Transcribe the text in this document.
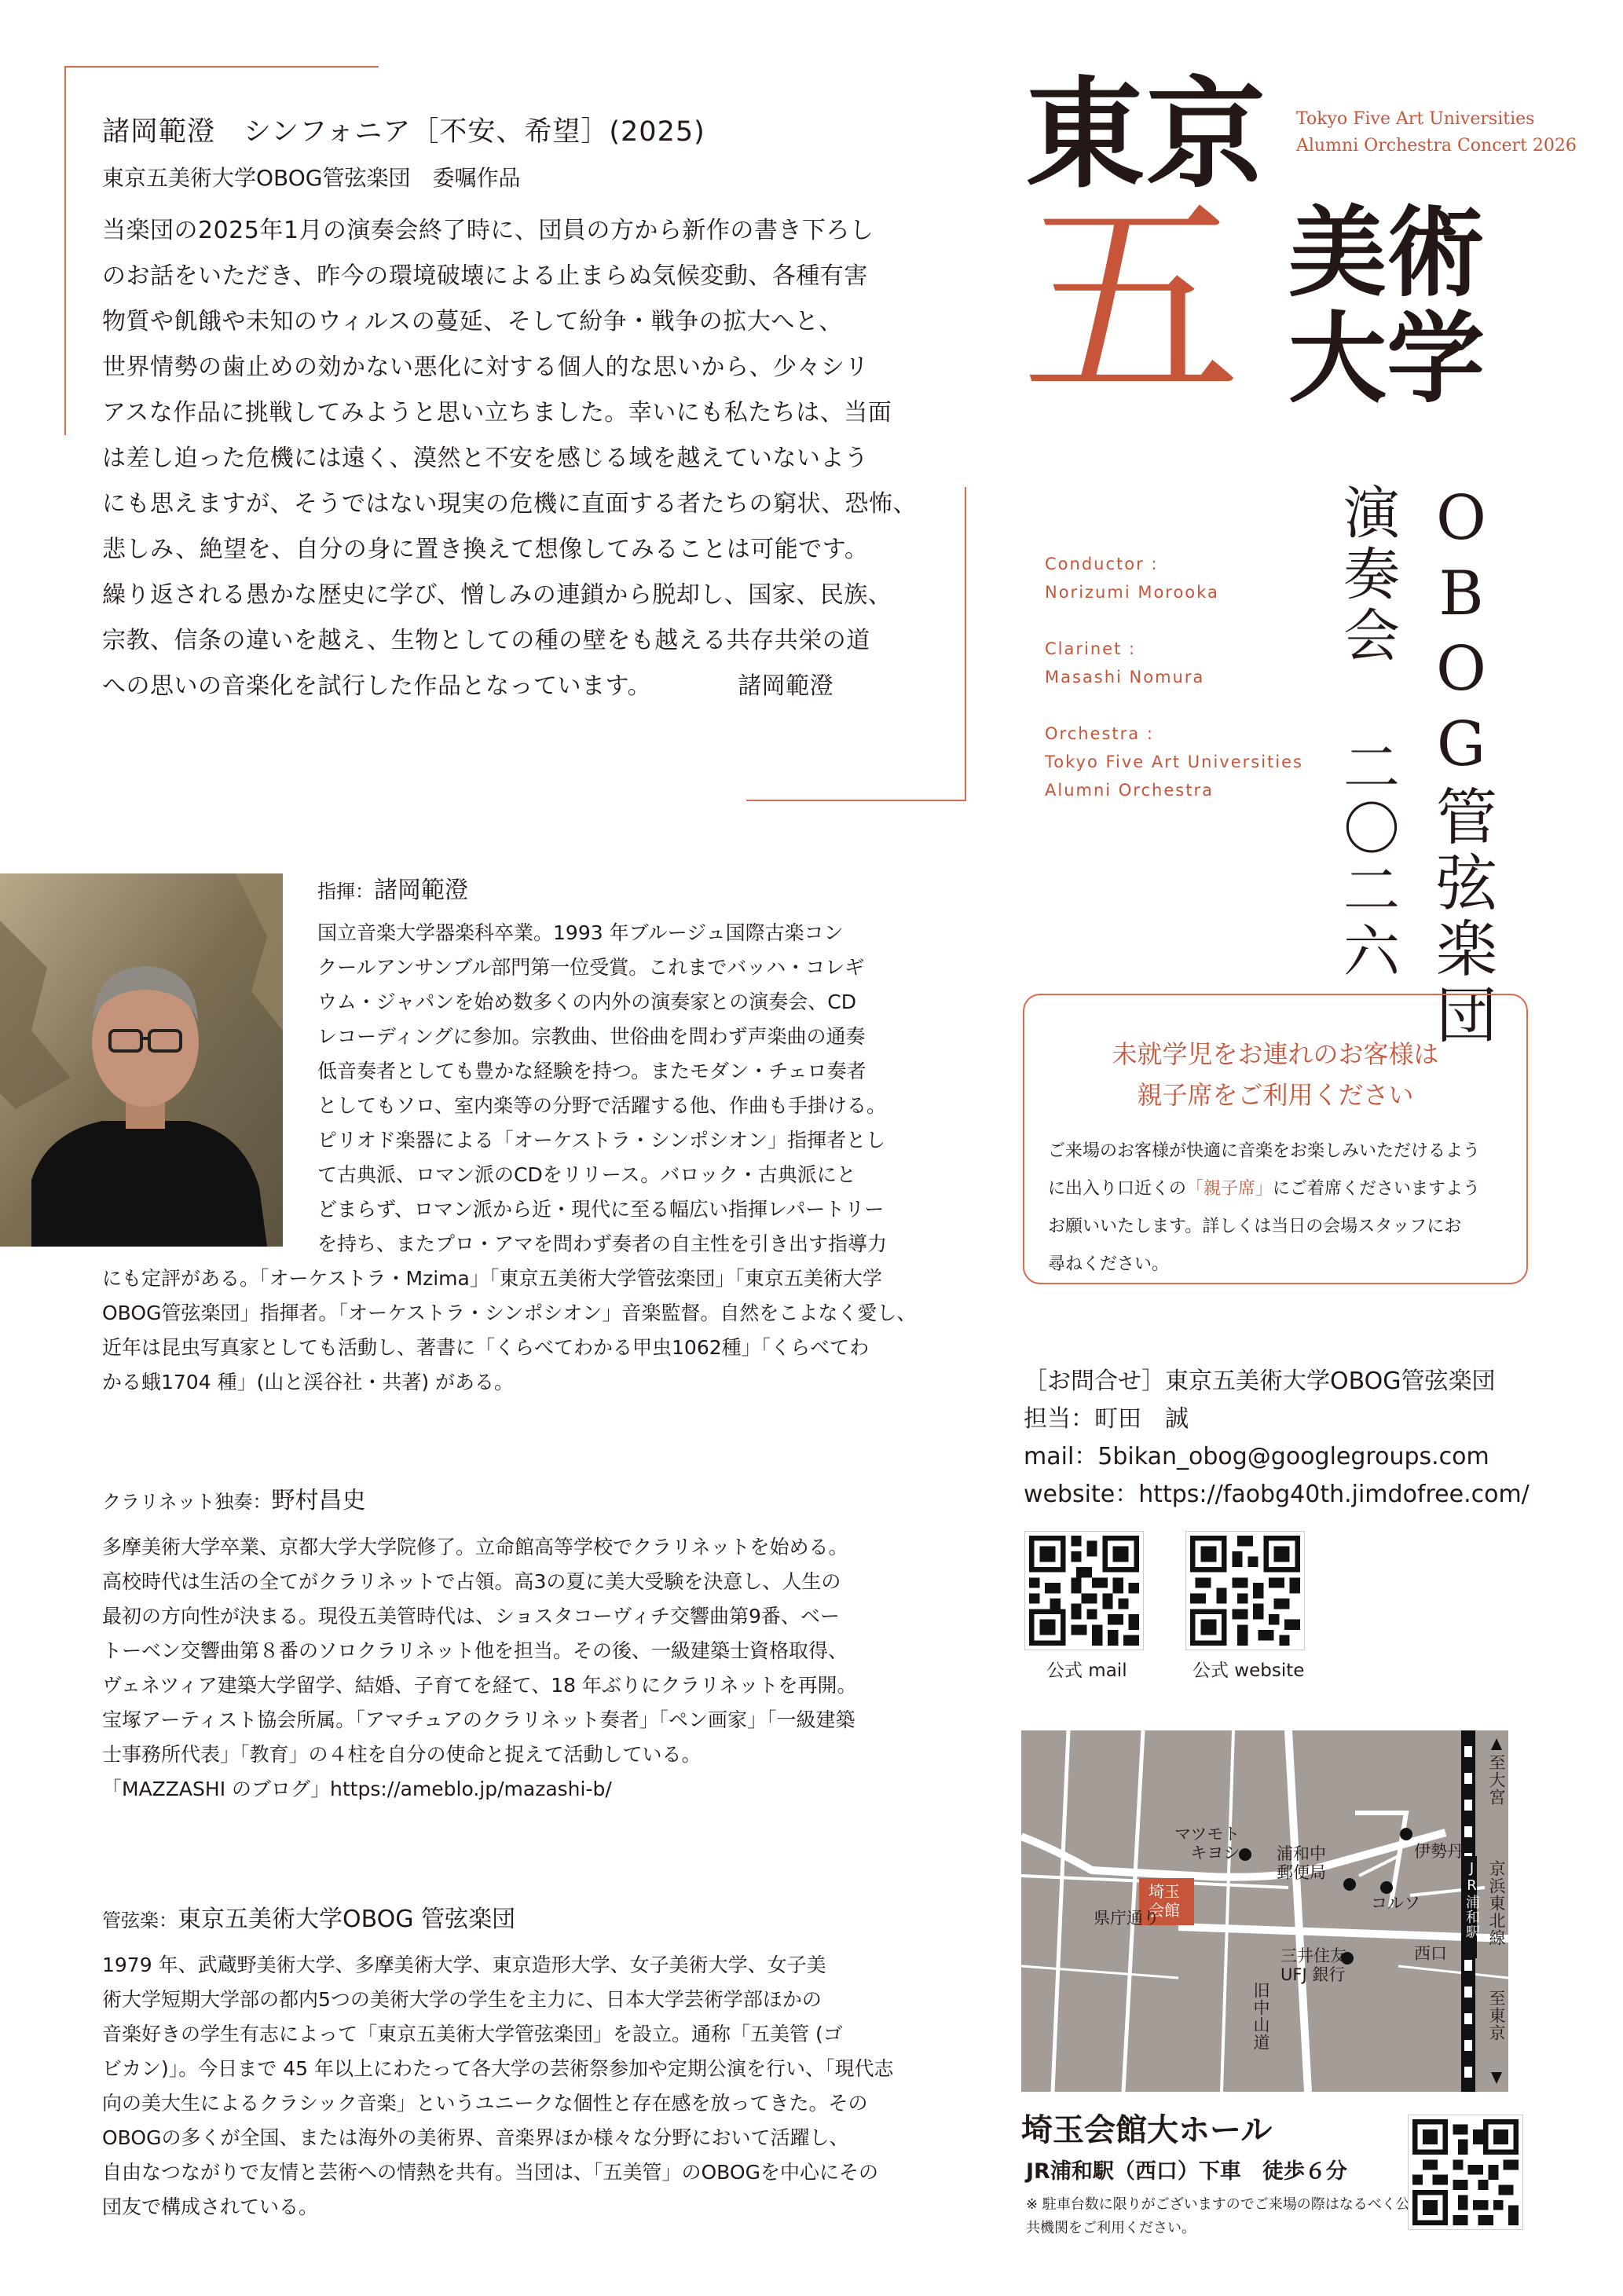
諸岡範澄　シンフォニア［不安、希望］(2025)
東京五美術大学OBOG管弦楽団　委嘱作品

当楽団の2025年1月の演奏会終了時に、団員の方から新作の書き下ろし

のお話をいただき、昨今の環境破壊による止まらぬ気候変動、各種有害

物質や飢餓や未知のウィルスの蔓延、そして紛争・戦争の拡大へと、

世界情勢の歯止めの効かない悪化に対する個人的な思いから、少々シリ

アスな作品に挑戦してみようと思い立ちました。幸いにも私たちは、当面

は差し迫った危機には遠く、漠然と不安を感じる域を越えていないよう

にも思えますが、そうではない現実の危機に直面する者たちの窮状、恐怖、

悲しみ、絶望を、自分の身に置き換えて想像してみることは可能です。

繰り返される愚かな歴史に学び、憎しみの連鎖から脱却し、国家、民族、

宗教、信条の違いを越え、生物としての種の壁をも越える共存共栄の道

への思いの音楽化を試行した作品となっています。	諸岡範澄

東京 Tokyo Five Art Universities
Alumni Orchestra Concert 2026
五 美術
大学
OBOG管弦楽団
演奏会 二〇二六
Conductor :
Norizumi Morooka
Clarinet :
Masashi Nomura
Orchestra :
Tokyo Five Art Universities
Alumni Orchestra
未就学児をお連れのお客様は
親子席をご利用ください
ご来場のお客様が快適に音楽をお楽しみいただけるよう
に出入り口近くの「親子席」にご着席くださいますよう
お願いいたします。詳しくは当日の会場スタッフにお
尋ねください。
指揮：諸岡範澄

国立音楽大学器楽科卒業。1993 年ブルージュ国際古楽コン

クールアンサンブル部門第一位受賞。これまでバッハ・コレギ

ウム・ジャパンを始め数多くの内外の演奏家との演奏会、CD

レコーディングに参加。宗教曲、世俗曲を問わず声楽曲の通奏

低音奏者としても豊かな経験を持つ。またモダン・チェロ奏者

としてもソロ、室内楽等の分野で活躍する他、作曲も手掛ける。

ピリオド楽器による「オーケストラ・シンポシオン」指揮者とし

て古典派、ロマン派のCDをリリース。バロック・古典派にと

どまらず、ロマン派から近・現代に至る幅広い指揮レパートリー

を持ち、またプロ・アマを問わず奏者の自主性を引き出す指導力

にも定評がある。「オーケストラ・Mzima」「東京五美術大学管弦楽団」「東京五美術大学

OBOG管弦楽団」指揮者。「オーケストラ・シンポシオン」音楽監督。自然をこよなく愛し、

近年は昆虫写真家としても活動し、著書に「くらべてわかる甲虫1062種」「くらべてわ

かる蛾1704 種」(山と渓谷社・共著) がある。

クラリネット独奏：野村昌史

多摩美術大学卒業、京都大学大学院修了。立命館高等学校でクラリネットを始める。

高校時代は生活の全てがクラリネットで占領。高3の夏に美大受験を決意し、人生の

最初の方向性が決まる。現役五美管時代は、ショスタコーヴィチ交響曲第9番、ベー

トーベン交響曲第８番のソロクラリネット他を担当。その後、一級建築士資格取得、

ヴェネツィア建築大学留学、結婚、子育てを経て、18 年ぶりにクラリネットを再開。

宝塚アーティスト協会所属。「アマチュアのクラリネット奏者」「ペン画家」「一級建築

士事務所代表」「教育」の４柱を自分の使命と捉えて活動している。

「MAZZASHI のブログ」https://ameblo.jp/mazashi-b/

管弦楽：東京五美術大学OBOG 管弦楽団

1979 年、武蔵野美術大学、多摩美術大学、東京造形大学、女子美術大学、女子美

術大学短期大学部の都内5つの美術大学の学生を主力に、日本大学芸術学部ほかの

音楽好きの学生有志によって「東京五美術大学管弦楽団」を設立。通称「五美管 (ゴ

ビカン)」。今日まで 45 年以上にわたって各大学の芸術祭参加や定期公演を行い、「現代志

向の美大生によるクラシック音楽」というユニークな個性と存在感を放ってきた。その

OBOGの多くが全国、または海外の美術界、音楽界ほか様々な分野において活躍し、

自由なつながりで友情と芸術への情熱を共有。当団は、「五美管」のOBOGを中心にその

団友で構成されている。

［お問合せ］東京五美術大学OBOG管弦楽団
担当：町田　誠
mail：5bikan_obog@googlegroups.com
website：https://faobg40th.jimdofree.com/
公式 mail	公式 website
至大宮
至東京
京浜東北線
JR浦和駅
マツモト
キヨシ
埼玉
会館
浦和中
郵便局
伊勢丹
コルソ
県庁通り
西口
三井住友
UFJ 銀行
旧中山道
埼玉会館大ホール
JR浦和駅（西口）下車　徒歩６分
※ 駐車台数に限りがございますのでご来場の際はなるべく公共機関をご利用ください。
